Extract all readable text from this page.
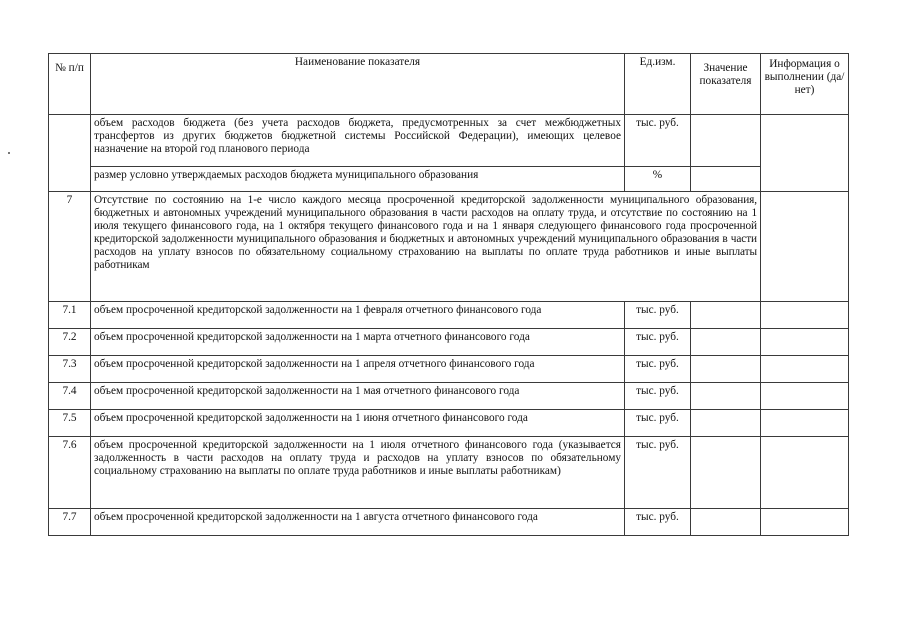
№ п/п	Наименование показателя	Ед.изм.	Значение показателя	Информация о выполнении (да/ нет)
	объем расходов бюджета (без учета расходов бюджета, предусмотренных за счет межбюджетных трансфертов из других бюджетов бюджетной системы Российской Федерации), имеющих целевое назначение на второй год планового периода	тыс. руб.		
	размер условно утверждаемых расходов бюджета муниципального образования	%		
7	Отсутствие по состоянию на 1-е число каждого месяца просроченной кредиторской задолженности муниципального образования, бюджетных и автономных учреждений муниципального образования в части расходов на оплату труда, и отсутствие по состоянию на 1 июля текущего финансового года, на 1 октября текущего финансового года и на 1 января следующего финансового года просроченной кредиторской задолженности муниципального образования и бюджетных и автономных учреждений муниципального образования в части расходов на уплату взносов по обязательному социальному страхованию на выплаты по оплате труда работников и иные выплаты работникам			
7.1	объем просроченной кредиторской задолженности на 1 февраля отчетного финансового года	тыс. руб.		
7.2	объем просроченной кредиторской задолженности на 1 марта отчетного финансового года	тыс. руб.		
7.3	объем просроченной кредиторской задолженности на 1 апреля отчетного финансового года	тыс. руб.		
7.4	объем просроченной кредиторской задолженности на 1 мая отчетного финансового года	тыс. руб.		
7.5	объем просроченной кредиторской задолженности на 1 июня отчетного финансового года	тыс. руб.		
7.6	объем просроченной кредиторской задолженности на 1 июля отчетного финансового года (указывается задолженность в части расходов на оплату труда и расходов на уплату взносов по обязательному социальному страхованию на выплаты по оплате труда работников и иные выплаты работникам)	тыс. руб.		
7.7	объем просроченной кредиторской задолженности на 1 августа отчетного финансового года	тыс. руб.		
